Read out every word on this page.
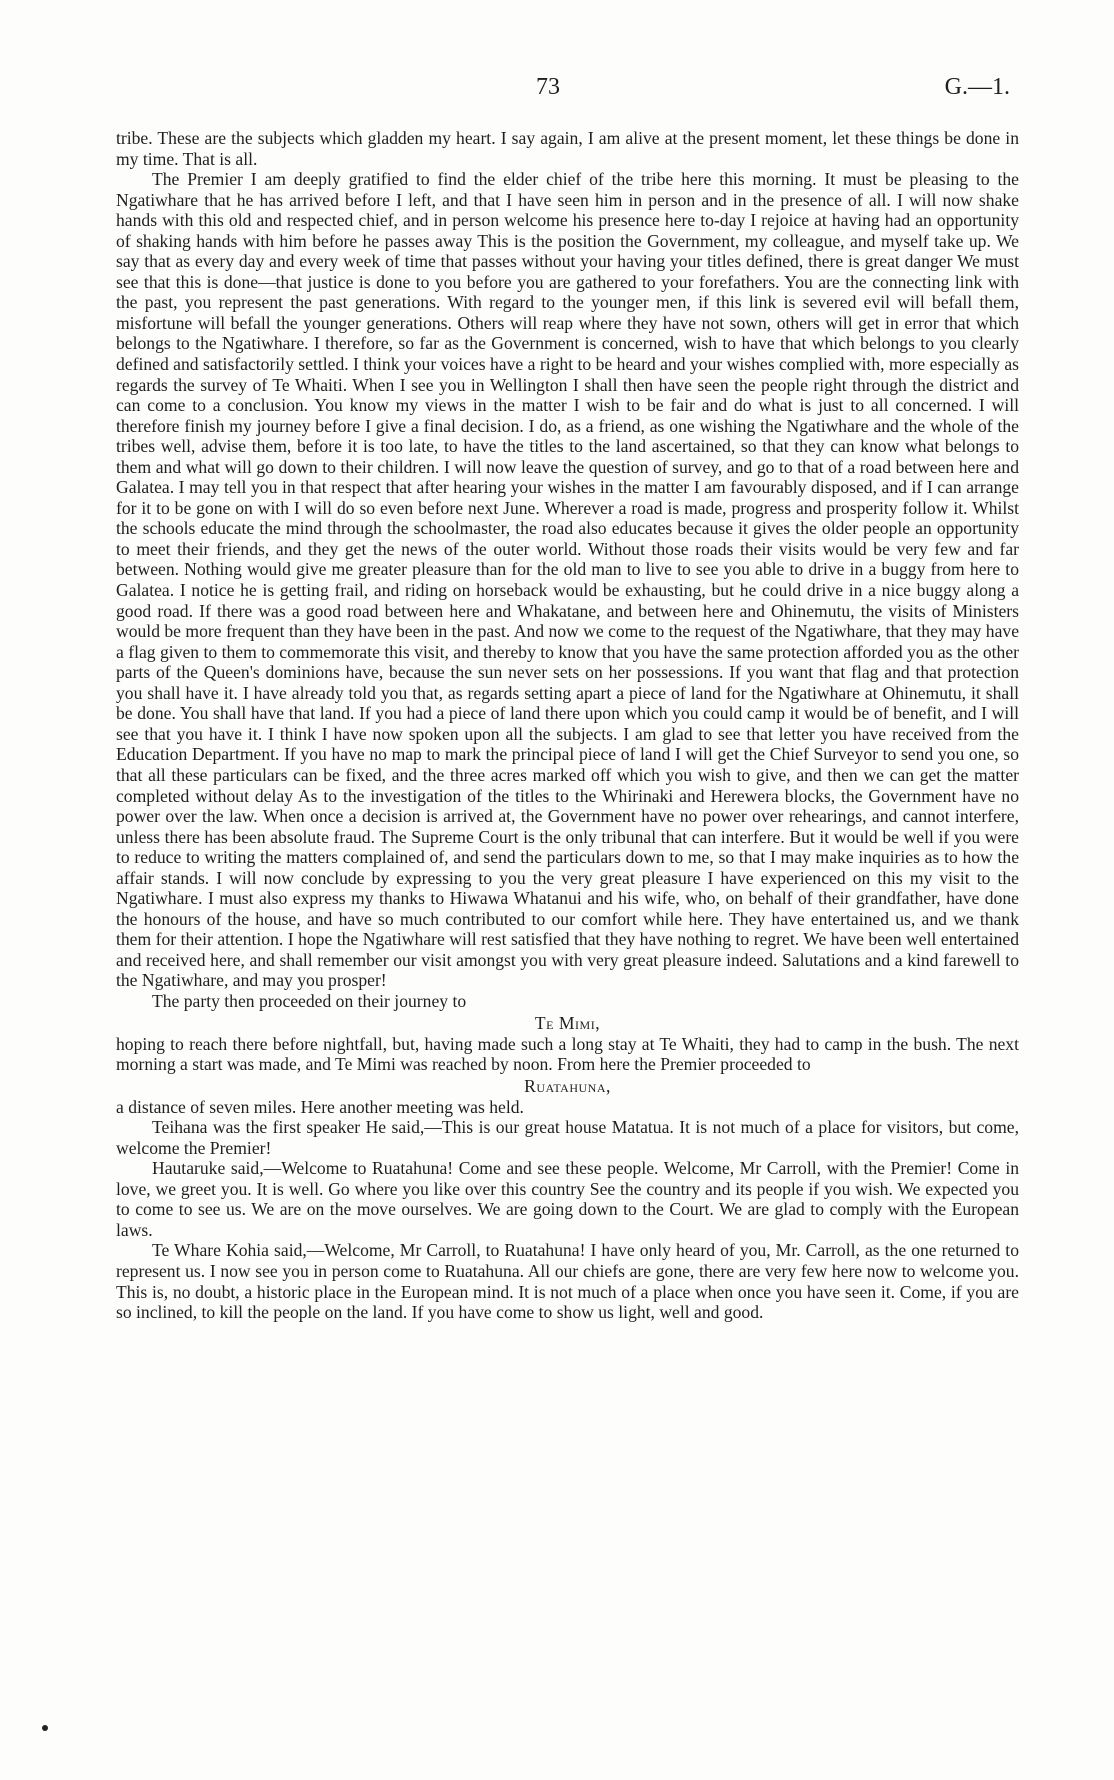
73	G.—1.

tribe. These are the subjects which gladden my heart. I say again, I am alive at the present moment, let these things be done in my time. That is all.

The Premier I am deeply gratified to find the elder chief of the tribe here this morning. It must be pleasing to the Ngatiwhare that he has arrived before I left, and that I have seen him in person and in the presence of all. I will now shake hands with this old and respected chief, and in person welcome his presence here to-day I rejoice at having had an opportunity of shaking hands with him before he passes away This is the position the Government, my colleague, and myself take up. We say that as every day and every week of time that passes without your having your titles defined, there is great danger We must see that this is done—that justice is done to you before you are gathered to your forefathers. You are the connecting link with the past, you represent the past generations. With regard to the younger men, if this link is severed evil will befall them, misfortune will befall the younger generations. Others will reap where they have not sown, others will get in error that which belongs to the Ngatiwhare. I therefore, so far as the Government is concerned, wish to have that which belongs to you clearly defined and satisfactorily settled. I think your voices have a right to be heard and your wishes complied with, more especially as regards the survey of Te Whaiti. When I see you in Wellington I shall then have seen the people right through the district and can come to a conclusion. You know my views in the matter I wish to be fair and do what is just to all concerned. I will therefore finish my journey before I give a final decision. I do, as a friend, as one wishing the Ngatiwhare and the whole of the tribes well, advise them, before it is too late, to have the titles to the land ascertained, so that they can know what belongs to them and what will go down to their children. I will now leave the question of survey, and go to that of a road between here and Galatea. I may tell you in that respect that after hearing your wishes in the matter I am favourably disposed, and if I can arrange for it to be gone on with I will do so even before next June. Wherever a road is made, progress and prosperity follow it. Whilst the schools educate the mind through the schoolmaster, the road also educates because it gives the older people an opportunity to meet their friends, and they get the news of the outer world. Without those roads their visits would be very few and far between. Nothing would give me greater pleasure than for the old man to live to see you able to drive in a buggy from here to Galatea. I notice he is getting frail, and riding on horseback would be exhausting, but he could drive in a nice buggy along a good road. If there was a good road between here and Whakatane, and between here and Ohinemutu, the visits of Ministers would be more frequent than they have been in the past. And now we come to the request of the Ngatiwhare, that they may have a flag given to them to commemorate this visit, and thereby to know that you have the same protection afforded you as the other parts of the Queen's dominions have, because the sun never sets on her possessions. If you want that flag and that protection you shall have it. I have already told you that, as regards setting apart a piece of land for the Ngatiwhare at Ohinemutu, it shall be done. You shall have that land. If you had a piece of land there upon which you could camp it would be of benefit, and I will see that you have it. I think I have now spoken upon all the subjects. I am glad to see that letter you have received from the Education Department. If you have no map to mark the principal piece of land I will get the Chief Surveyor to send you one, so that all these particulars can be fixed, and the three acres marked off which you wish to give, and then we can get the matter completed without delay As to the investigation of the titles to the Whirinaki and Herewera blocks, the Government have no power over the law. When once a decision is arrived at, the Government have no power over rehearings, and cannot interfere, unless there has been absolute fraud. The Supreme Court is the only tribunal that can interfere. But it would be well if you were to reduce to writing the matters complained of, and send the particulars down to me, so that I may make inquiries as to how the affair stands. I will now conclude by expressing to you the very great pleasure I have experienced on this my visit to the Ngatiwhare. I must also express my thanks to Hiwawa Whatanui and his wife, who, on behalf of their grandfather, have done the honours of the house, and have so much contributed to our comfort while here. They have entertained us, and we thank them for their attention. I hope the Ngatiwhare will rest satisfied that they have nothing to regret. We have been well entertained and received here, and shall remember our visit amongst you with very great pleasure indeed. Salutations and a kind farewell to the Ngatiwhare, and may you prosper!

The party then proceeded on their journey to

Te Mimi,

hoping to reach there before nightfall, but, having made such a long stay at Te Whaiti, they had to camp in the bush. The next morning a start was made, and Te Mimi was reached by noon. From here the Premier proceeded to

Ruatahuna,

a distance of seven miles. Here another meeting was held.

Teihana was the first speaker He said,—This is our great house Matatua. It is not much of a place for visitors, but come, welcome the Premier!

Hautaruke said,—Welcome to Ruatahuna! Come and see these people. Welcome, Mr Carroll, with the Premier! Come in love, we greet you. It is well. Go where you like over this country See the country and its people if you wish. We expected you to come to see us. We are on the move ourselves. We are going down to the Court. We are glad to comply with the European laws.

Te Whare Kohia said,—Welcome, Mr Carroll, to Ruatahuna! I have only heard of you, Mr. Carroll, as the one returned to represent us. I now see you in person come to Ruatahuna. All our chiefs are gone, there are very few here now to welcome you. This is, no doubt, a historic place in the European mind. It is not much of a place when once you have seen it. Come, if you are so inclined, to kill the people on the land. If you have come to show us light, well and good.
